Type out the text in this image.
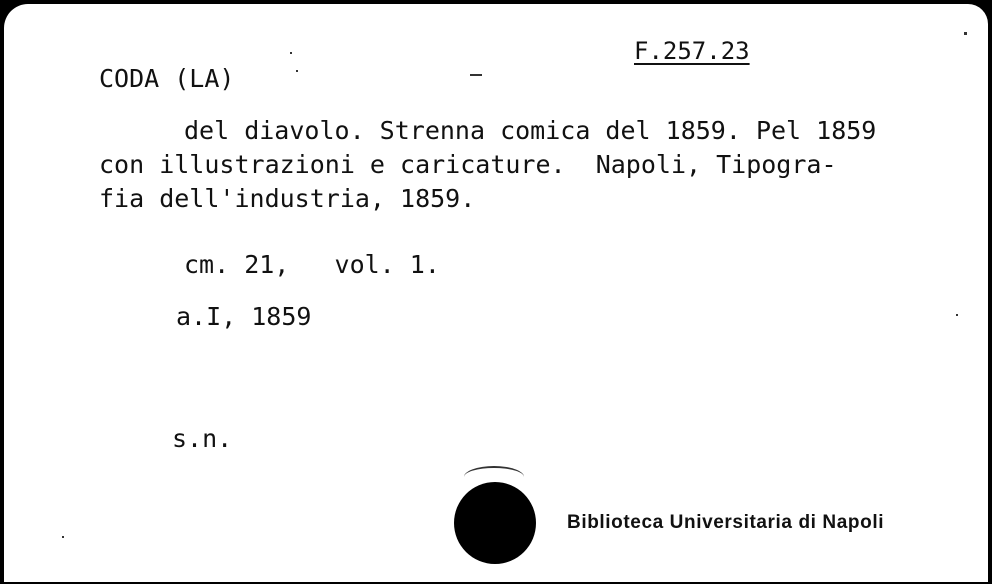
F.257.23
CODA (LA)
del diavolo. Strenna comica del 1859. Pel 1859
con illustrazioni e caricature.  Napoli, Tipogra-
fia dell'industria, 1859.
cm. 21,   vol. 1.
a.I, 1859
s.n.
Biblioteca Universitaria di Napoli
